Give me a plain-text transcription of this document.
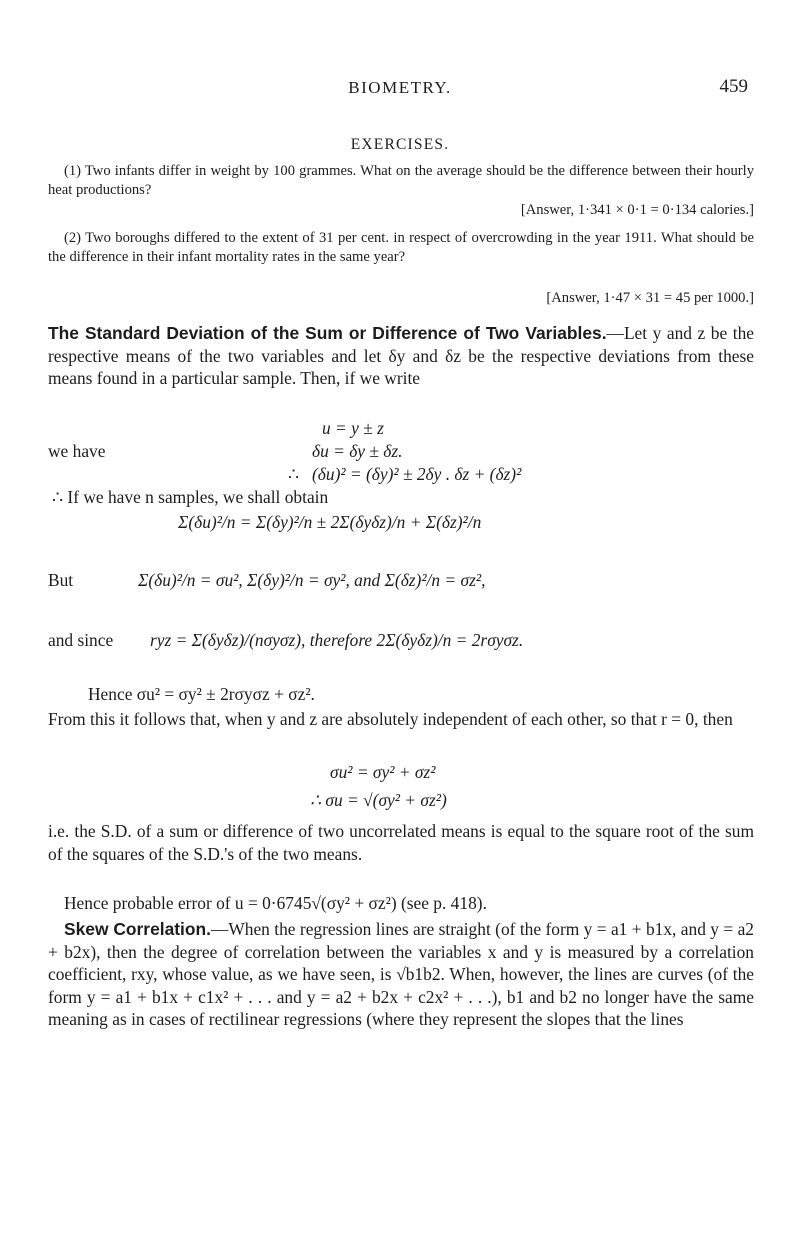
BIOMETRY.	459
EXERCISES.
(1) Two infants differ in weight by 100 grammes. What on the average should be the difference between their hourly heat productions?
[Answer, 1·341 × 0·1 = 0·134 calories.]
(2) Two boroughs differed to the extent of 31 per cent. in respect of overcrowding in the year 1911. What should be the difference in their infant mortality rates in the same year?
[Answer, 1·47 × 31 = 45 per 1000.]
The Standard Deviation of the Sum or Difference of Two Variables.—Let y and z be the respective means of the two variables and let δy and δz be the respective deviations from these means found in a particular sample. Then, if we write
u = y ± z
we have	δu = δy ± δz.
∴ (δu)² = (δy)² ± 2δy . δz + (δz)²
∴ If we have n samples, we shall obtain
Σ(δu)²/n = Σ(δy)²/n ± 2Σ(δyδz)/n + Σ(δz)²/n
But	Σ(δu)²/n = σu², Σ(δy)²/n = σy², and Σ(δz)²/n = σz²,
and since ryz = Σ(δyδz)/(nσyσz), therefore 2Σ(δyδz)/n = 2rσyσz.
Hence σu² = σy² ± 2rσyσz + σz².
From this it follows that, when y and z are absolutely independent of each other, so that r = 0, then
σu² = σy² + σz²
∴ σu = √(σy² + σz²)
i.e. the S.D. of a sum or difference of two uncorrelated means is equal to the square root of the sum of the squares of the S.D.'s of the two means.
Hence probable error of u = 0·6745√(σy² + σz²) (see p. 418).
Skew Correlation.—When the regression lines are straight (of the form y = a1 + b1x, and y = a2 + b2x), then the degree of correlation between the variables x and y is measured by a correlation coefficient, rxy, whose value, as we have seen, is √b1b2. When, however, the lines are curves (of the form y = a1 + b1x + c1x² + . . . and y = a2 + b2x + c2x² + . . .), b1 and b2 no longer have the same meaning as in cases of rectilinear regressions (where they represent the slopes that the lines
